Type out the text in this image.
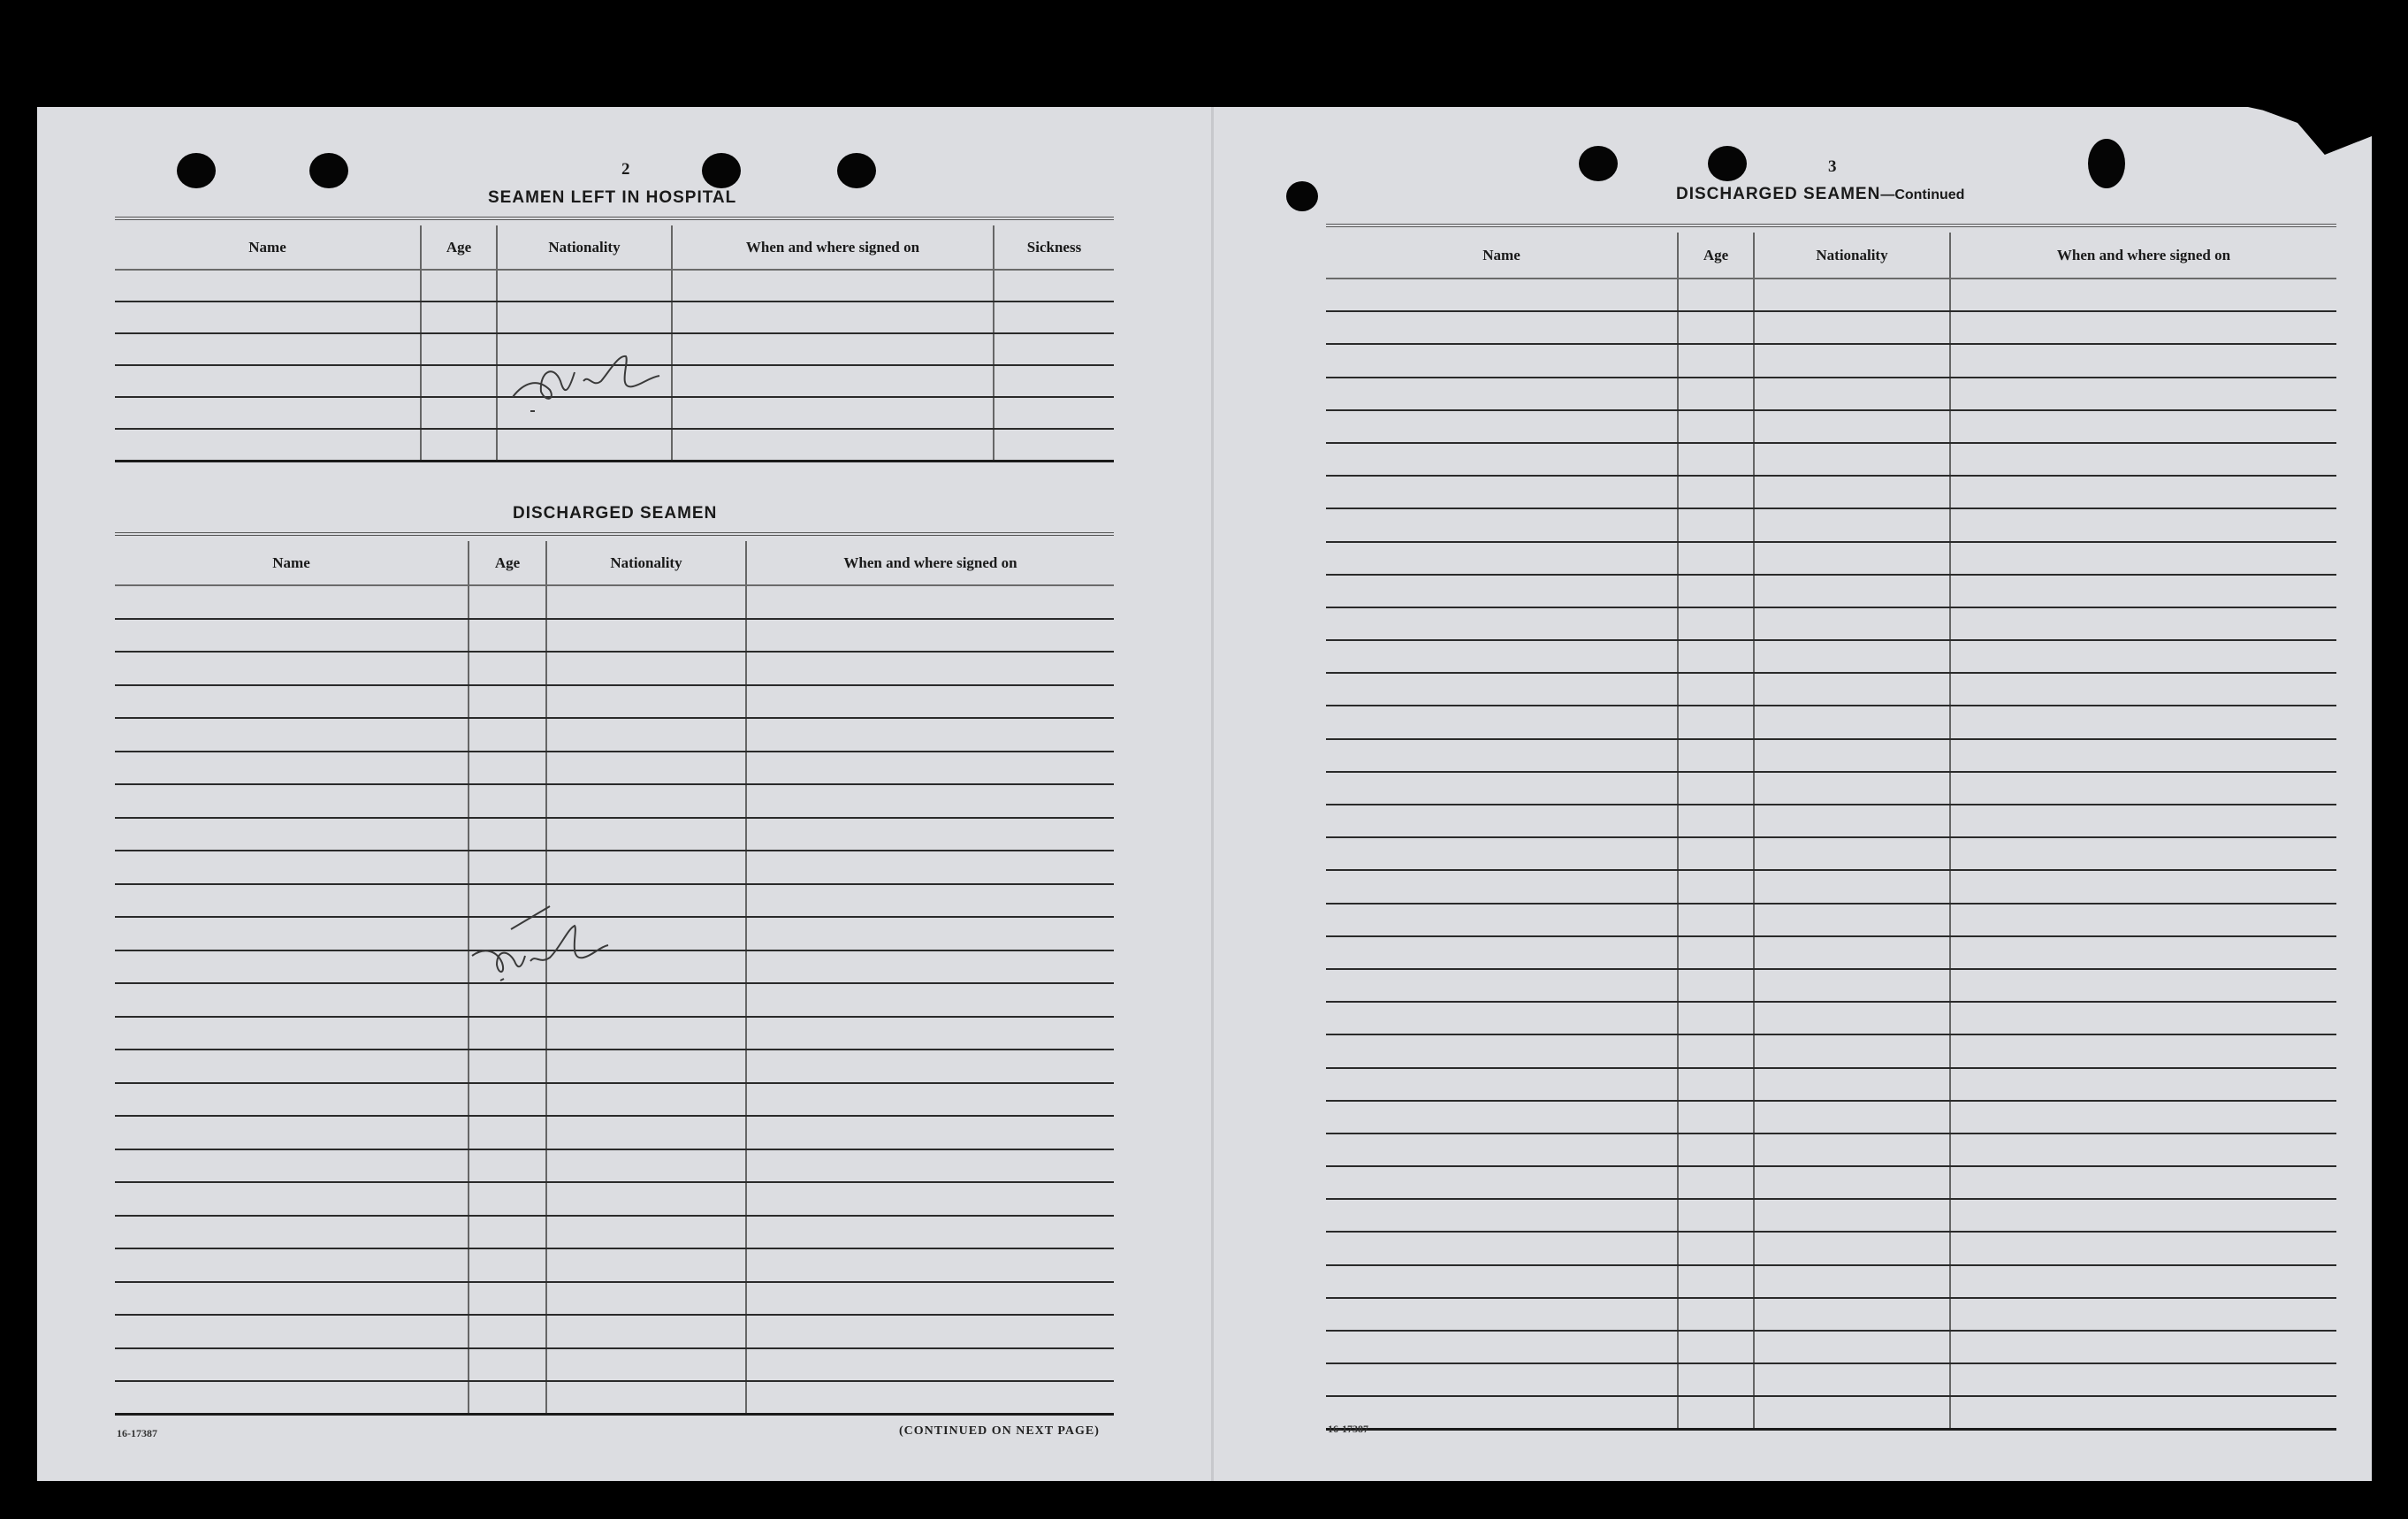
2
SEAMEN LEFT IN HOSPITAL
Name	Age	Nationality	When and where signed on	Sickness

DISCHARGED SEAMEN
Name	Age	Nationality	When and where signed on

16-17387	(CONTINUED ON NEXT PAGE)
3
DISCHARGED SEAMEN—Continued
Name	Age	Nationality	When and where signed on

16-17387
